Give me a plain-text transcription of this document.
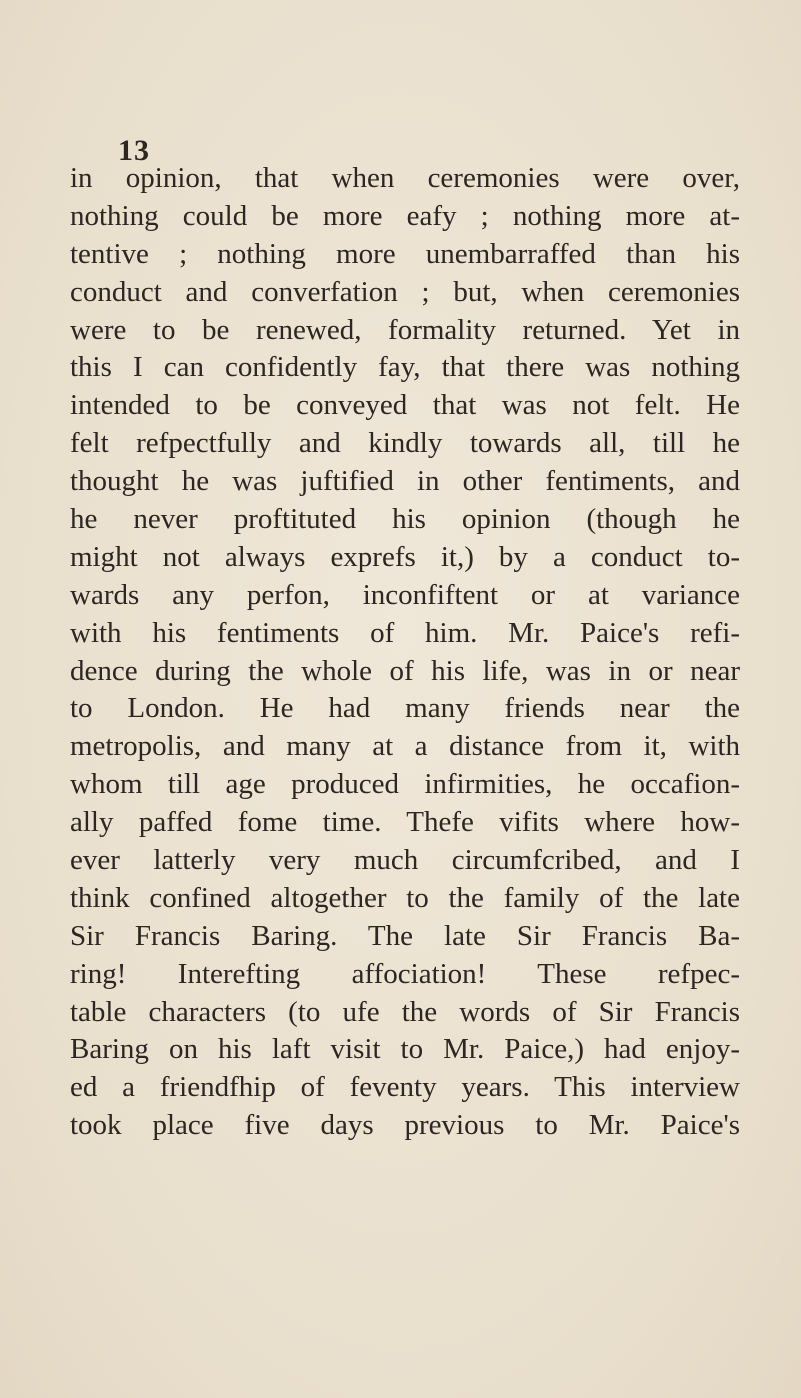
13
in opinion, that when ceremonies were over,
nothing could be more eafy ; nothing more at-
tentive ; nothing more unembarraffed than his
conduct and converfation ; but, when ceremonies
were to be renewed, formality returned. Yet in
this I can confidently fay, that there was nothing
intended to be conveyed that was not felt. He
felt refpectfully and kindly towards all, till he
thought he was juftified in other fentiments, and
he never proftituted his opinion (though he
might not always exprefs it,) by a conduct to-
wards any perfon, inconfiftent or at variance
with his fentiments of him. Mr. Paice's refi-
dence during the whole of his life, was in or near
to London. He had many friends near the
metropolis, and many at a distance from it, with
whom till age produced infirmities, he occafion-
ally paffed fome time. Thefe vifits where how-
ever latterly very much circumfcribed, and I
think confined altogether to the family of the late
Sir Francis Baring. The late Sir Francis Ba-
ring! Interefting affociation! These refpec-
table characters (to ufe the words of Sir Francis
Baring on his laft visit to Mr. Paice,) had enjoy-
ed a friendfhip of feventy years. This interview
took place five days previous to Mr. Paice's
